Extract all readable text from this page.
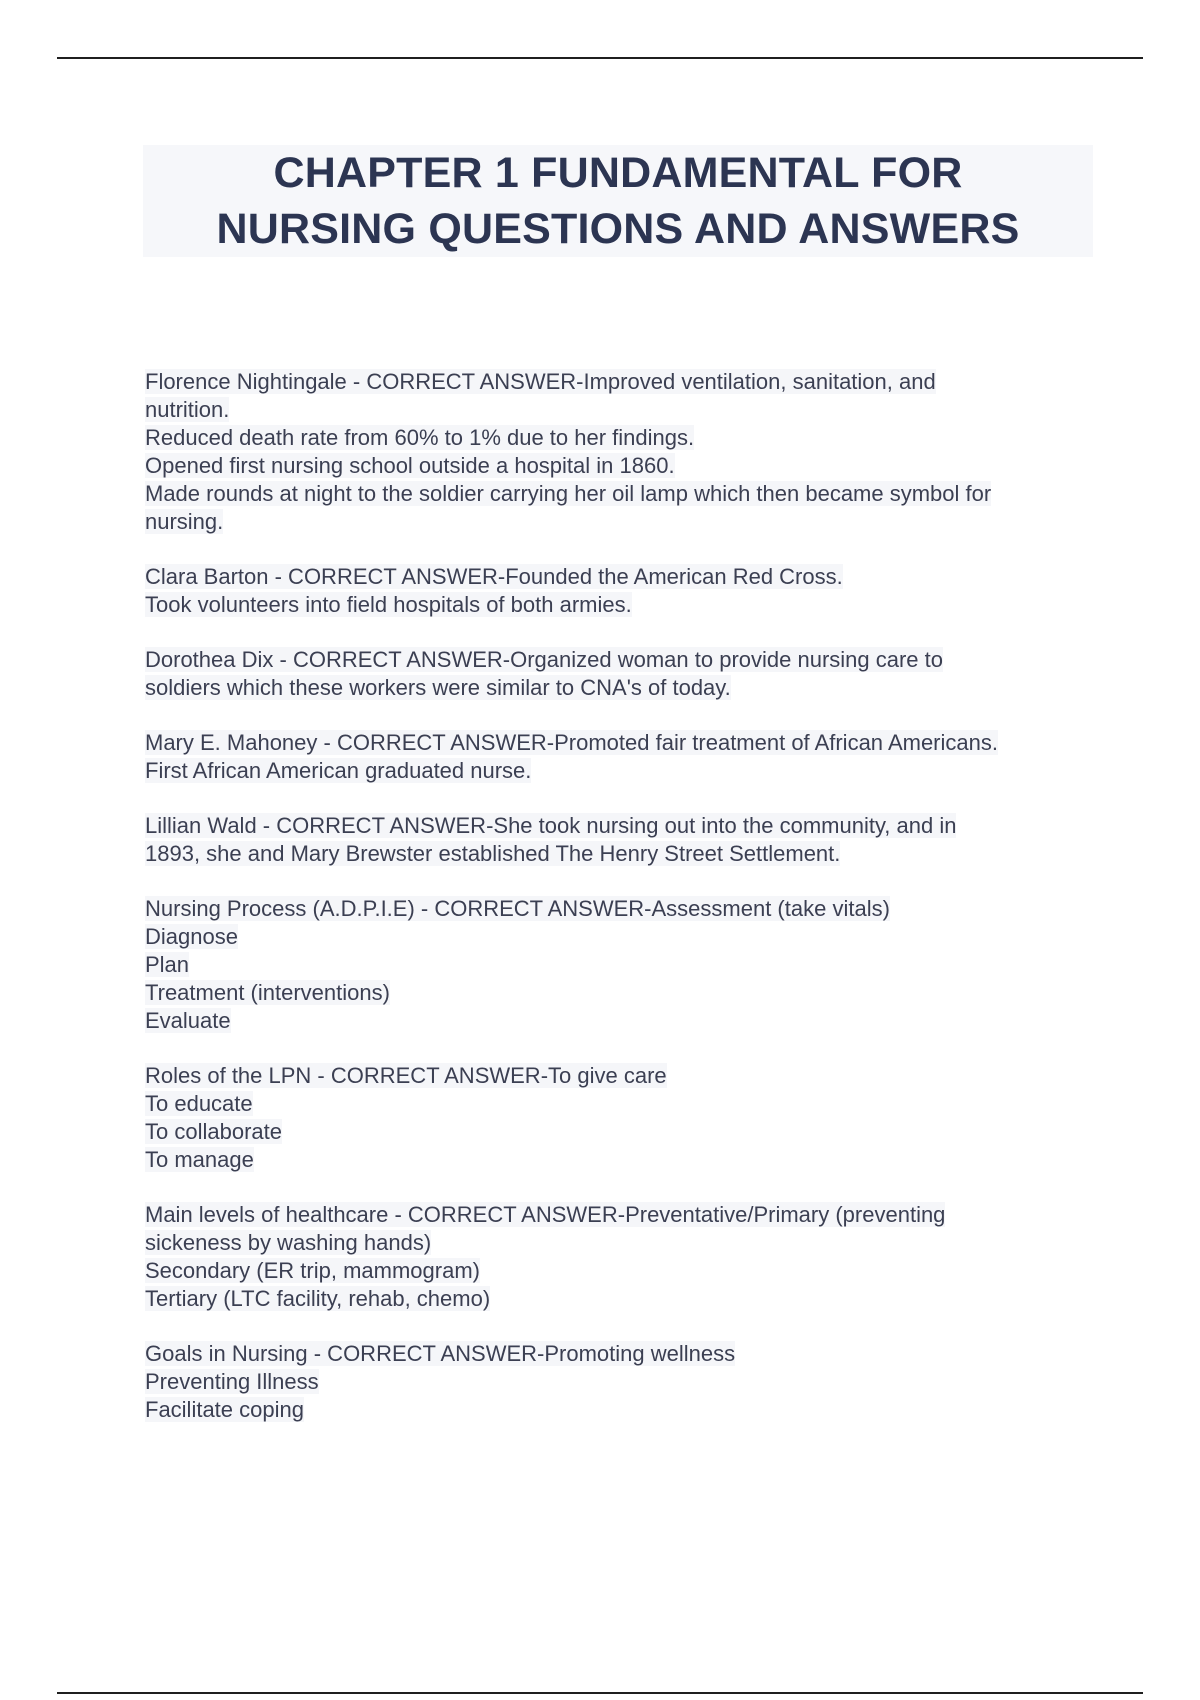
CHAPTER 1 FUNDAMENTAL FOR
NURSING QUESTIONS AND ANSWERS
Florence Nightingale - CORRECT ANSWER-Improved ventilation, sanitation, and
nutrition.
Reduced death rate from 60% to 1% due to her findings.
Opened first nursing school outside a hospital in 1860.
Made rounds at night to the soldier carrying her oil lamp which then became symbol for
nursing.
Clara Barton - CORRECT ANSWER-Founded the American Red Cross.
Took volunteers into field hospitals of both armies.
Dorothea Dix - CORRECT ANSWER-Organized woman to provide nursing care to
soldiers which these workers were similar to CNA's of today.
Mary E. Mahoney - CORRECT ANSWER-Promoted fair treatment of African Americans.
First African American graduated nurse.
Lillian Wald - CORRECT ANSWER-She took nursing out into the community, and in
1893, she and Mary Brewster established The Henry Street Settlement.
Nursing Process (A.D.P.I.E) - CORRECT ANSWER-Assessment (take vitals)
Diagnose
Plan
Treatment (interventions)
Evaluate
Roles of the LPN - CORRECT ANSWER-To give care
To educate
To collaborate
To manage
Main levels of healthcare - CORRECT ANSWER-Preventative/Primary (preventing
sickeness by washing hands)
Secondary (ER trip, mammogram)
Tertiary (LTC facility, rehab, chemo)
Goals in Nursing - CORRECT ANSWER-Promoting wellness
Preventing Illness
Facilitate coping
